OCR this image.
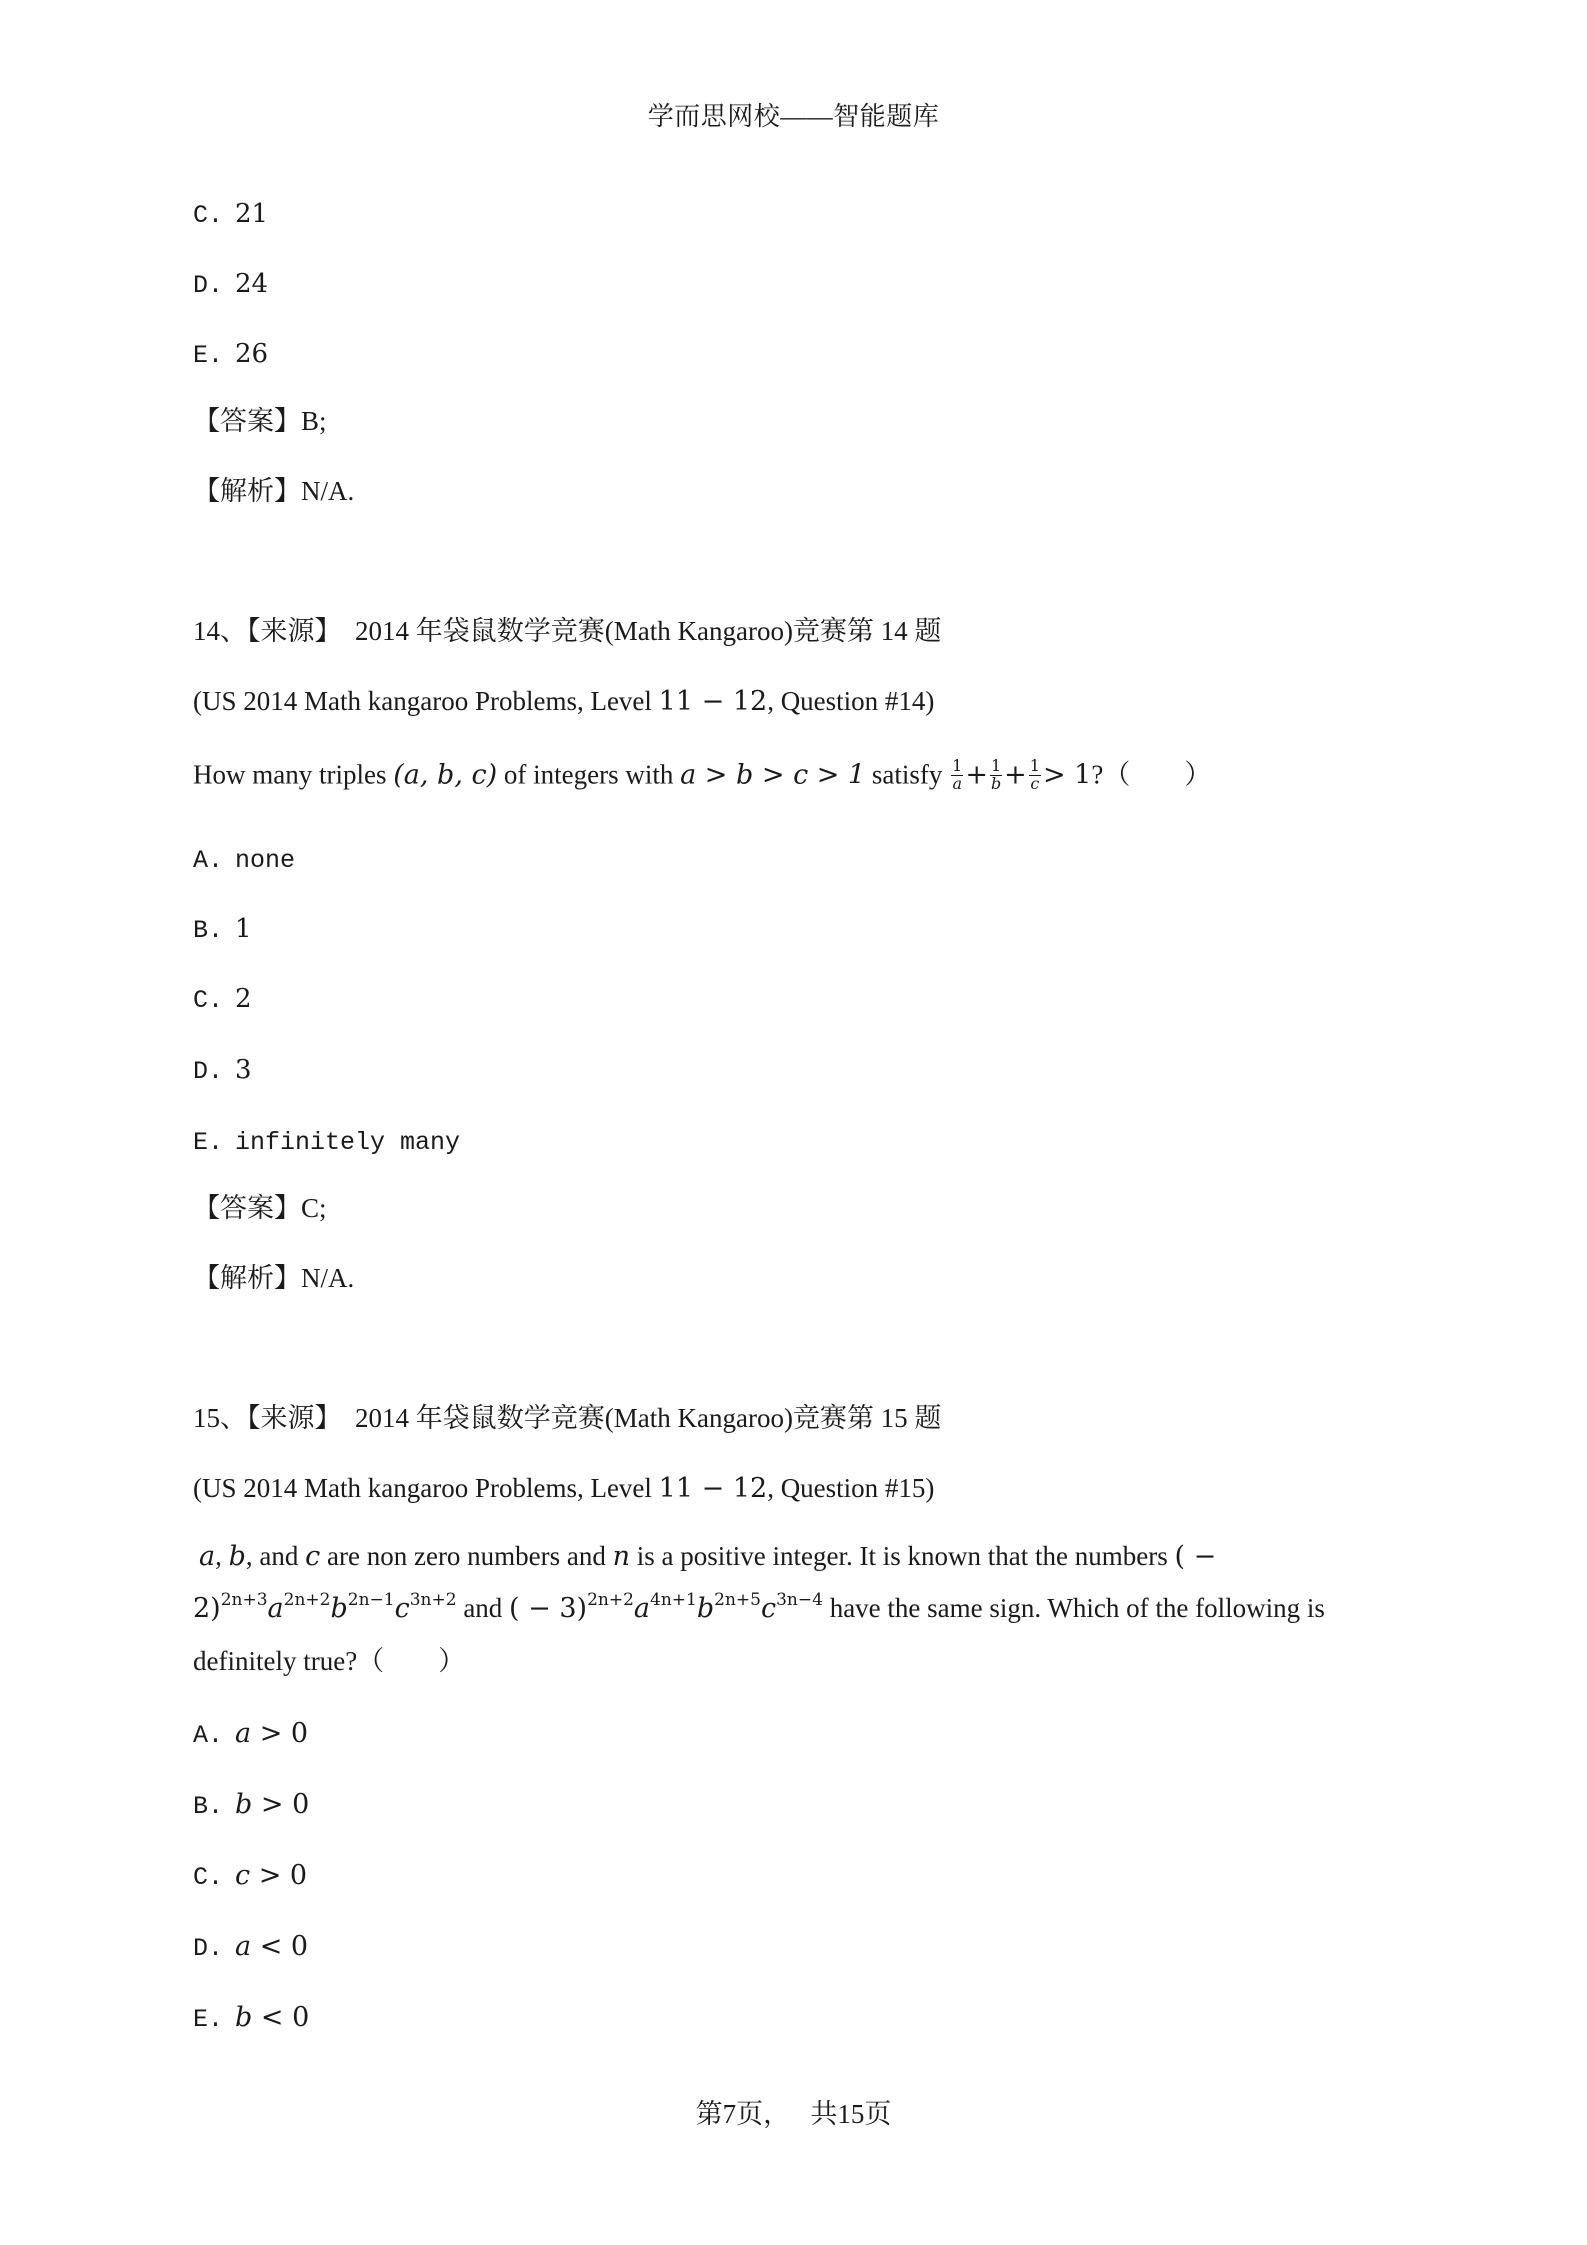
学而思网校——智能题库
C. 21
D. 24
E. 26
【答案】B;
【解析】N/A.
14、【来源】 2014 年袋鼠数学竞赛(Math Kangaroo)竞赛第 14 题
(US 2014 Math kangaroo Problems, Level 11 − 12, Question #14)
How many triples (a, b, c) of integers with a > b > c > 1 satisfy $\frac{1}{a} + \frac{1}{b} + \frac{1}{c}$ > 1?（　　）
A. none
B. 1
C. 2
D. 3
E. infinitely many
【答案】C;
【解析】N/A.
15、【来源】 2014 年袋鼠数学竞赛(Math Kangaroo)竞赛第 15 题
(US 2014 Math kangaroo Problems, Level 11 − 12, Question #15)
a, b, and c are non zero numbers and n is a positive integer. It is known that the numbers ( −
$2)^{2n+3}a^{2n+2}b^{2n-1}c^{3n+2}$ and ( − $3)^{2n+2}a^{4n+1}b^{2n+5}c^{3n-4}$ have the same sign. Which of the following is
definitely true?（　　）
A. a > 0
B. b > 0
C. c > 0
D. a < 0
E. b < 0
第7页， 共15页
